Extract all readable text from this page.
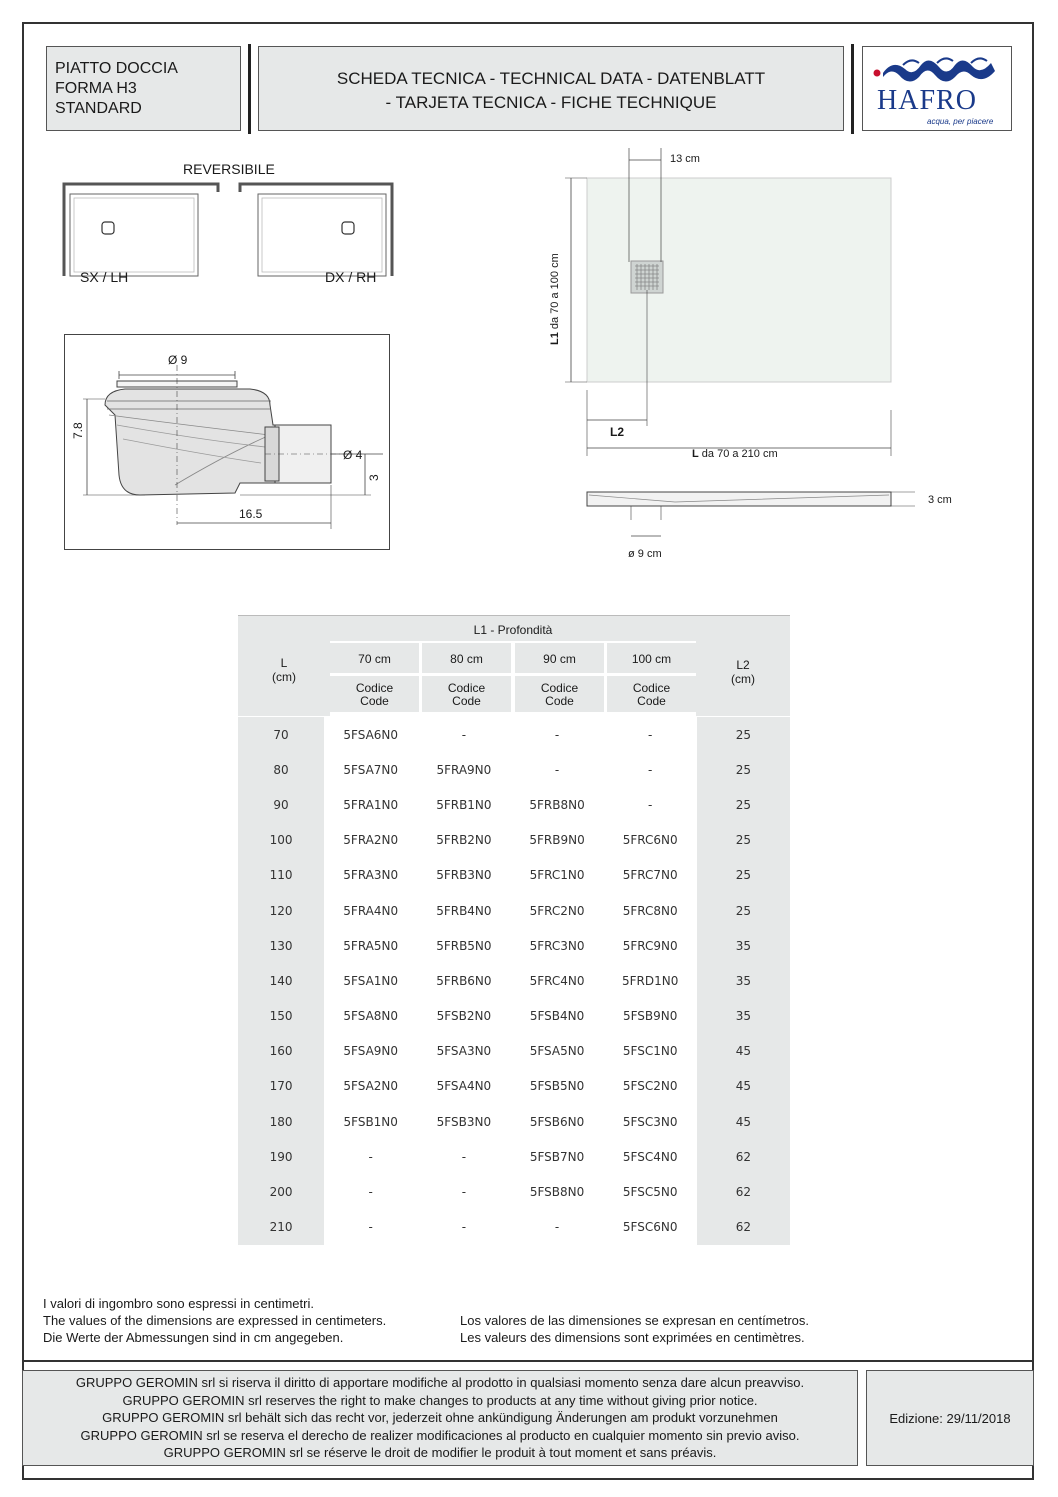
PIATTO DOCCIA
FORMA H3
STANDARD
SCHEDA TECNICA - TECHNICAL DATA - DATENBLATT
- TARJETA TECNICA - FICHE TECHNIQUE	HAFRO
acqua, per piacere
REVERSIBILE
SX / LH	DX / RH
Ø 9
7.8
Ø 4
3
16.5
13 cm
L1 da 70 a 100 cm
L2
L da 70 a 210 cm
3 cm
ø 9 cm
L
(cm)
L1 - Profondità
L2
(cm)
70 cm
Codice
Code
80 cm
Codice
Code
90 cm
Codice
Code
100 cm
Codice
Code
70	5FSA6N0	-	-	-	25
80	5FSA7N0	5FRA9N0	-	-	25
90	5FRA1N0	5FRB1N0	5FRB8N0	-	25
100	5FRA2N0	5FRB2N0	5FRB9N0	5FRC6N0	25
110	5FRA3N0	5FRB3N0	5FRC1N0	5FRC7N0	25
120	5FRA4N0	5FRB4N0	5FRC2N0	5FRC8N0	25
130	5FRA5N0	5FRB5N0	5FRC3N0	5FRC9N0	35
140	5FSA1N0	5FRB6N0	5FRC4N0	5FRD1N0	35
150	5FSA8N0	5FSB2N0	5FSB4N0	5FSB9N0	35
160	5FSA9N0	5FSA3N0	5FSA5N0	5FSC1N0	45
170	5FSA2N0	5FSA4N0	5FSB5N0	5FSC2N0	45
180	5FSB1N0	5FSB3N0	5FSB6N0	5FSC3N0	45
190	-	-	5FSB7N0	5FSC4N0	62
200	-	-	5FSB8N0	5FSC5N0	62
210	-	-	-	5FSC6N0	62
I valori di ingombro sono espressi in centimetri.
The values of the dimensions are expressed in centimeters.
Die Werte der Abmessungen sind in cm angegeben.
Los valores de las dimensiones se expresan en centímetros.
Les valeurs des dimensions sont exprimées en centimètres.
GRUPPO GEROMIN srl si riserva il diritto di apportare modifiche al prodotto in qualsiasi momento senza dare alcun preavviso.
GRUPPO GEROMIN srl reserves the right to make changes to products at any time without giving prior notice.
GRUPPO GEROMIN srl behält sich das recht vor, jederzeit ohne ankündigung Änderungen am produkt vorzunehmen
GRUPPO GEROMIN srl se reserva el derecho de realizer modificaciones al producto en cualquier momento sin previo aviso.
GRUPPO GEROMIN srl se réserve le droit de modifier le produit à tout moment et sans préavis.
Edizione: 29/11/2018
